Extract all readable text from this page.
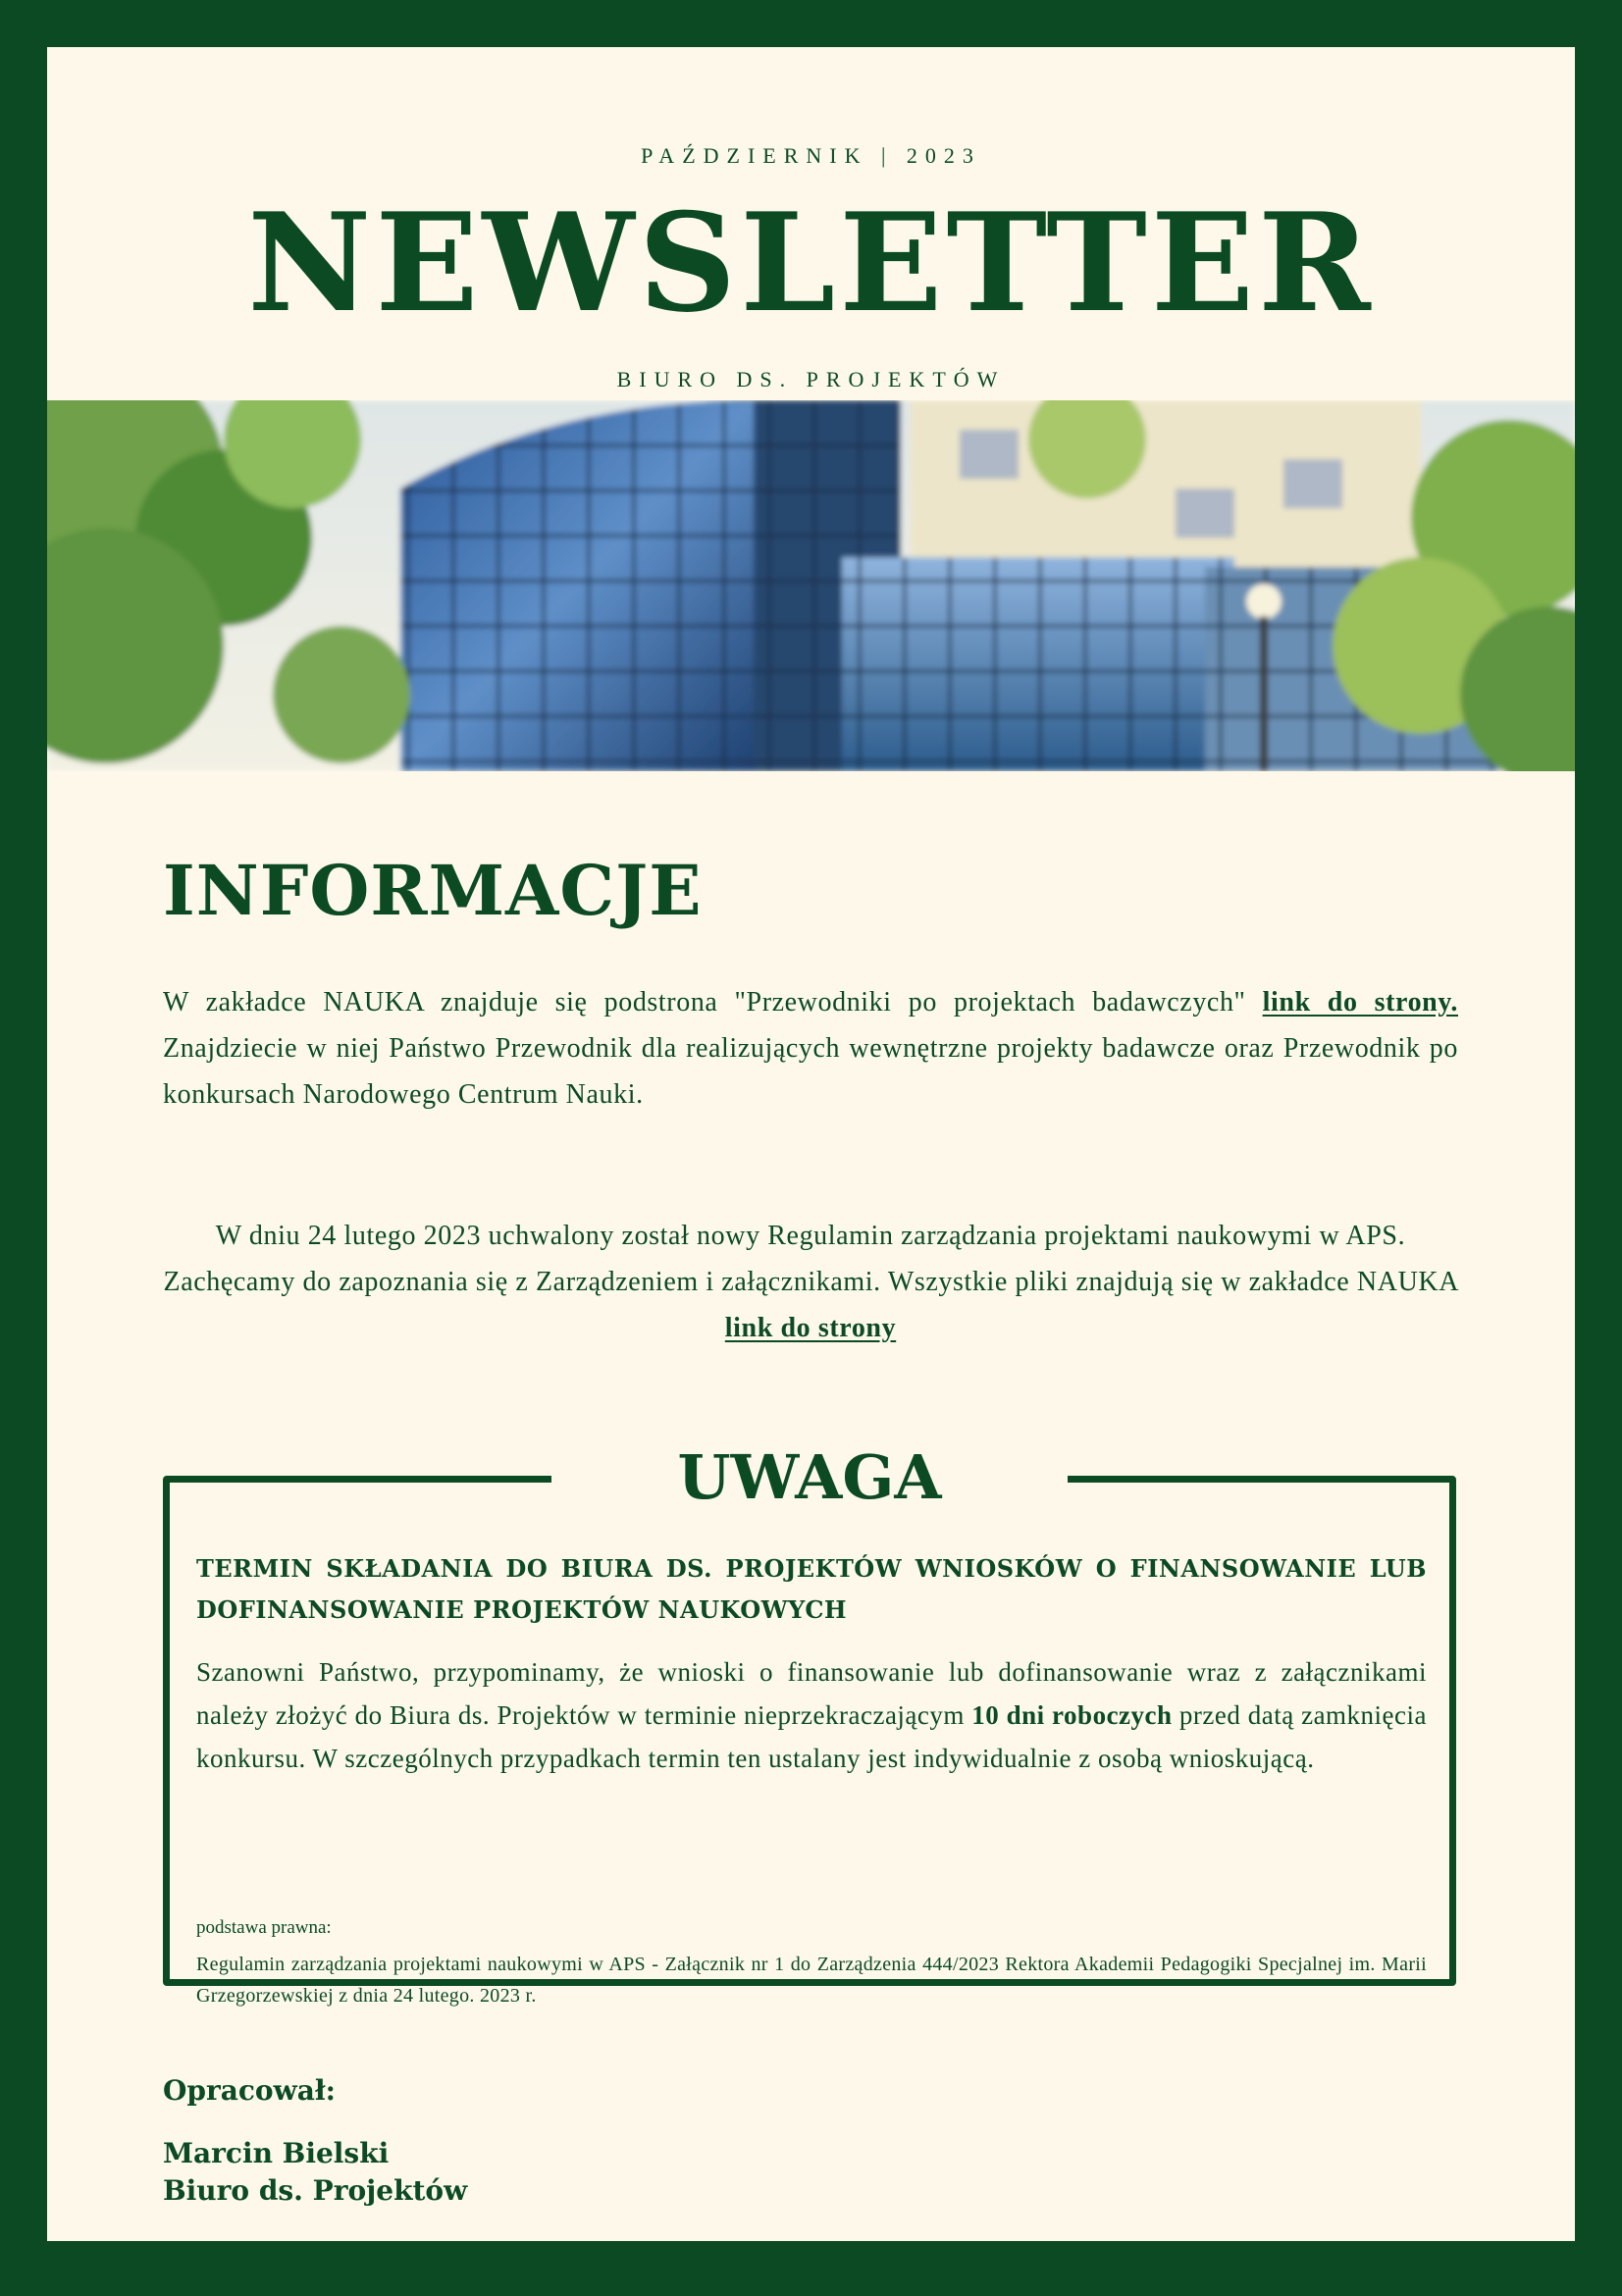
PAŹDZIERNIK | 2023
NEWSLETTER
BIURO DS. PROJEKTÓW
INFORMACJE
W zakładce NAUKA znajduje się podstrona "Przewodniki po projektach badawczych" link do strony. Znajdziecie w niej Państwo Przewodnik dla realizujących wewnętrzne projekty badawcze oraz Przewodnik po konkursach Narodowego Centrum Nauki.
W dniu 24 lutego 2023 uchwalony został nowy Regulamin zarządzania projektami naukowymi w APS. Zachęcamy do zapoznania się z Zarządzeniem i załącznikami. Wszystkie pliki znajdują się w zakładce NAUKA link do strony
UWAGA
TERMIN SKŁADANIA DO BIURA DS. PROJEKTÓW WNIOSKÓW O FINANSOWANIE LUB DOFINANSOWANIE PROJEKTÓW NAUKOWYCH
Szanowni Państwo, przypominamy, że wnioski o finansowanie lub dofinansowanie wraz z załącznikami należy złożyć do Biura ds. Projektów w terminie nieprzekraczającym 10 dni roboczych przed datą zamknięcia konkursu. W szczególnych przypadkach termin ten ustalany jest indywidualnie z osobą wnioskującą.
podstawa prawna:
Regulamin zarządzania projektami naukowymi w APS - Załącznik nr 1 do Zarządzenia 444/2023 Rektora Akademii Pedagogiki Specjalnej im. Marii Grzegorzewskiej z dnia 24 lutego. 2023 r.
Opracował:
Marcin Bielski
Biuro ds. Projektów
